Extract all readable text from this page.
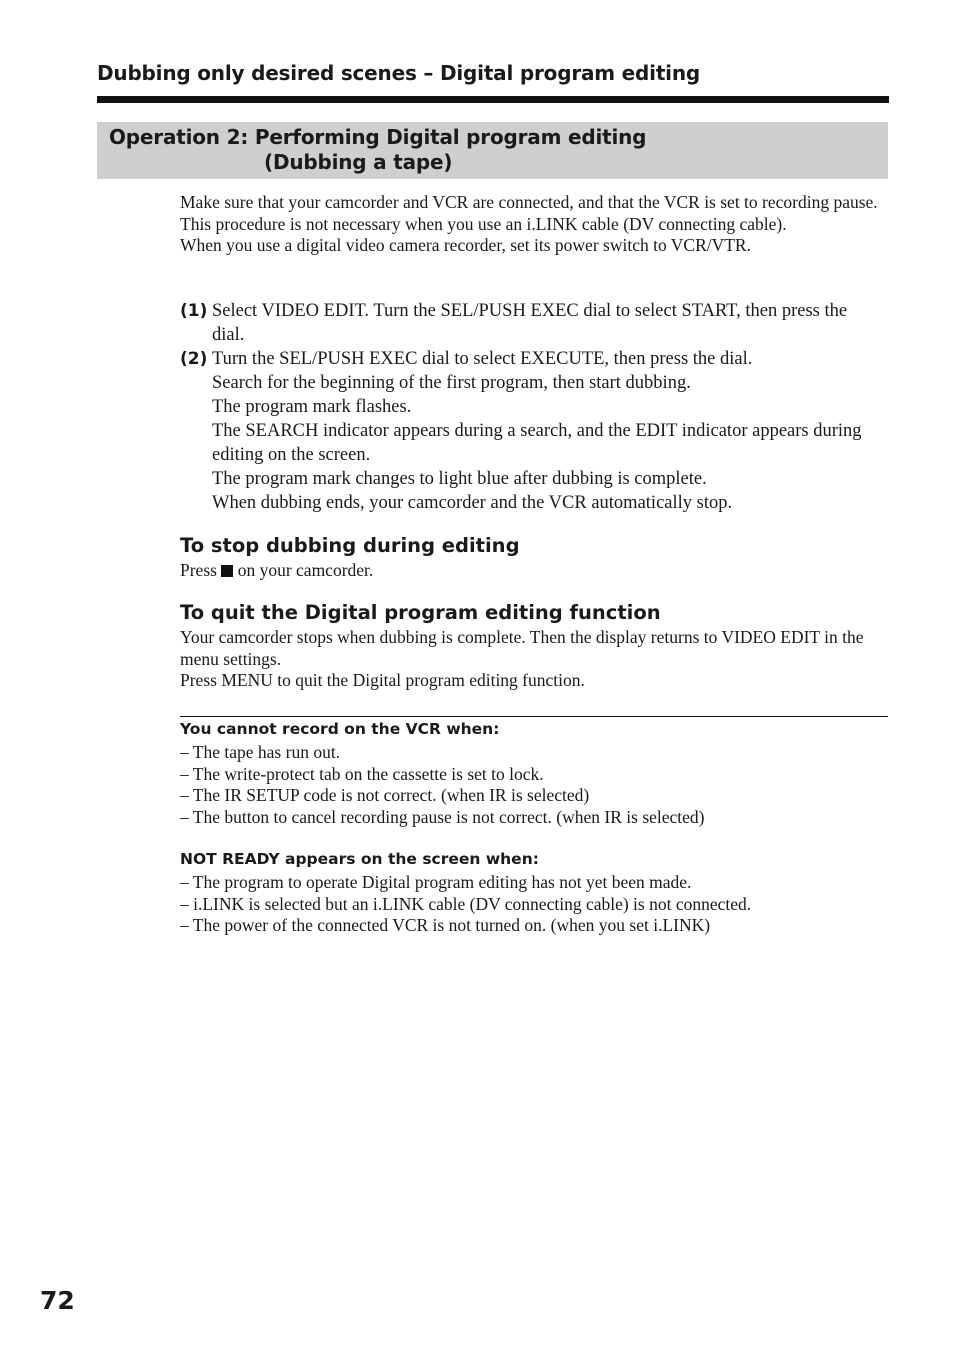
Dubbing only desired scenes – Digital program editing
Operation 2: Performing Digital program editing
(Dubbing a tape)

Make sure that your camcorder and VCR are connected, and that the VCR is set to recording pause. This procedure is not necessary when you use an i.LINK cable (DV connecting cable).

When you use a digital video camera recorder, set its power switch to VCR/VTR.

(1) Select VIDEO EDIT. Turn the SEL/PUSH EXEC dial to select START, then press the dial.
(2) Turn the SEL/PUSH EXEC dial to select EXECUTE, then press the dial.
Search for the beginning of the first program, then start dubbing.
The program mark flashes.
The SEARCH indicator appears during a search, and the EDIT indicator appears during editing on the screen.
The program mark changes to light blue after dubbing is complete.
When dubbing ends, your camcorder and the VCR automatically stop.
To stop dubbing during editing

Press on your camcorder.

To quit the Digital program editing function

Your camcorder stops when dubbing is complete. Then the display returns to VIDEO EDIT in the menu settings.

Press MENU to quit the Digital program editing function.

You cannot record on the VCR when:
– The tape has run out.
– The write-protect tab on the cassette is set to lock.
– The IR SETUP code is not correct. (when IR is selected)
– The button to cancel recording pause is not correct. (when IR is selected)
NOT READY appears on the screen when:
– The program to operate Digital program editing has not yet been made.
– i.LINK is selected but an i.LINK cable (DV connecting cable) is not connected.
– The power of the connected VCR is not turned on. (when you set i.LINK)
72
